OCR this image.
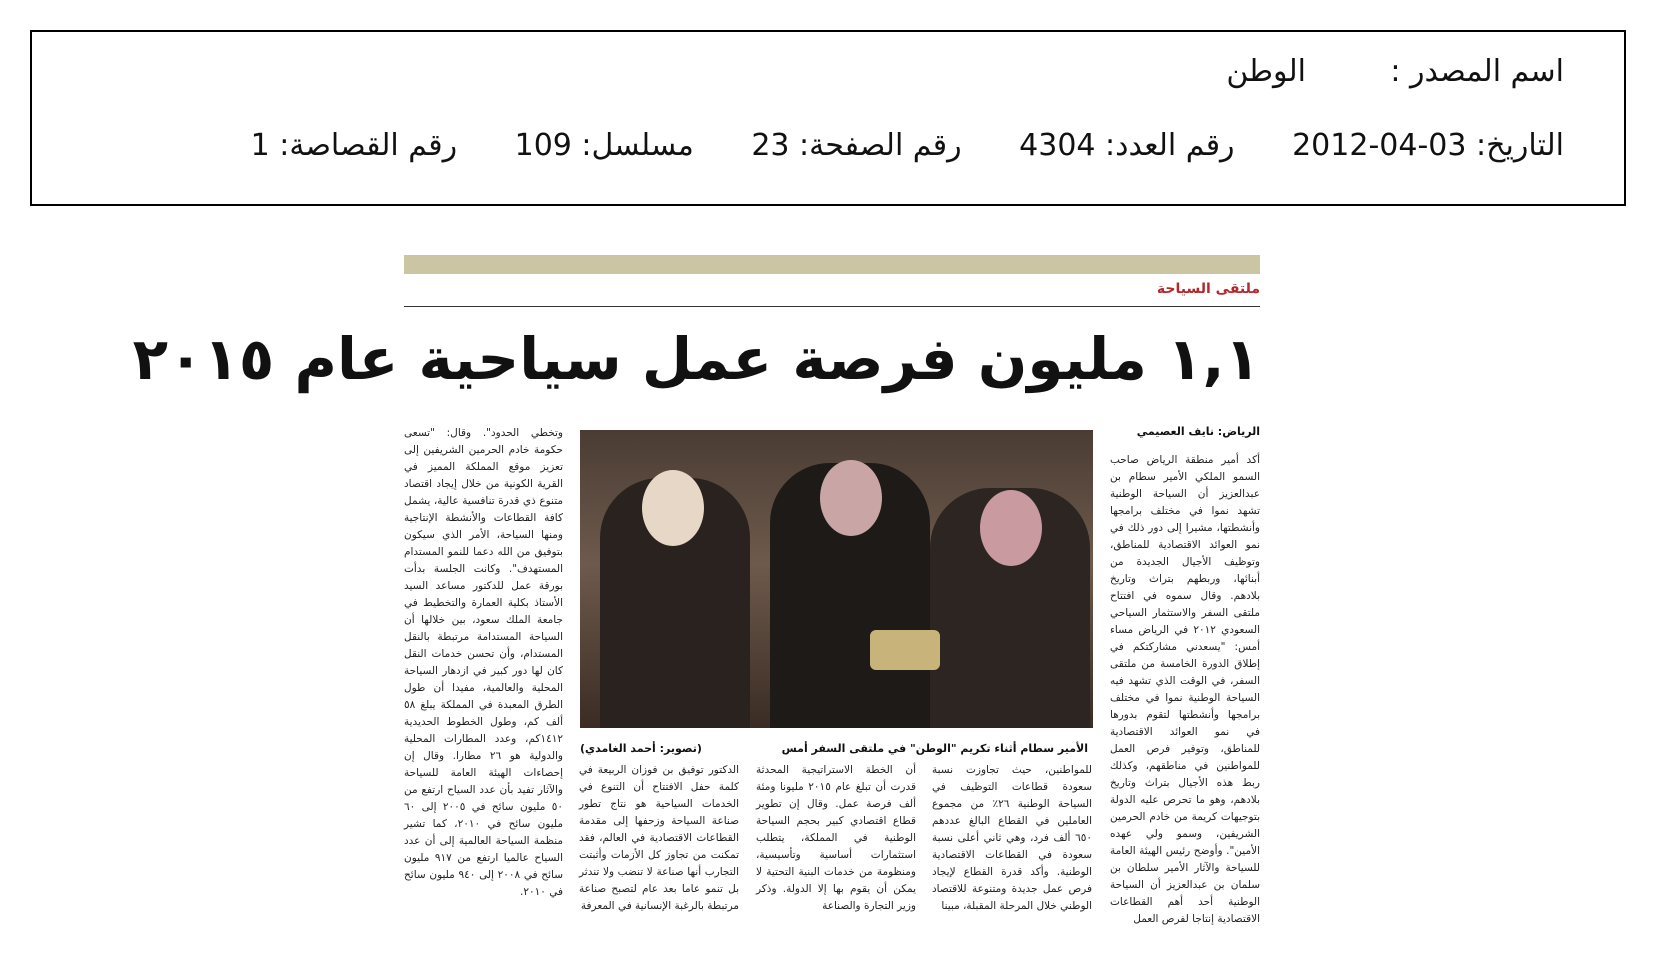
اسم المصدر :الوطن
التاريخ: 03-04-2012 رقم العدد: 4304 رقم الصفحة: 23 مسلسل: 109 رقم القصاصة: 1
ملتقى السياحة
١,١ مليون فرصة عمل سياحية عام ٢٠١٥
الرياض: نايف العصيمي

أكد أمير منطقة الرياض صاحب السمو الملكي الأمير سطام بن عبدالعزيز أن السياحة الوطنية تشهد نموا في مختلف برامجها وأنشطتها، مشيرا إلى دور ذلك في نمو العوائد الاقتصادية للمناطق، وتوظيف الأجيال الجديدة من أبنائها، وربطهم بتراث وتاريخ بلادهم. وقال سموه في افتتاح ملتقى السفر والاستثمار السياحي السعودي ٢٠١٢ في الرياض مساء أمس: "يسعدني مشاركتكم في إطلاق الدورة الخامسة من ملتقى السفر، في الوقت الذي تشهد فيه السياحة الوطنية نموا في مختلف برامجها وأنشطتها لتقوم بدورها في نمو العوائد الاقتصادية للمناطق، وتوفير فرص العمل للمواطنين في مناطقهم، وكذلك ربط هذه الأجيال بتراث وتاريخ بلادهم، وهو ما تحرص عليه الدولة بتوجيهات كريمة من خادم الحرمين الشريفين، وسمو ولي عهده الأمين". وأوضح رئيس الهيئة العامة للسياحة والآثار الأمير سلطان بن سلمان بن عبدالعزيز أن السياحة الوطنية أحد أهم القطاعات الاقتصادية إنتاجا لفرص العمل

للمواطنين، حيث تجاوزت نسبة سعودة قطاعات التوظيف في السياحة الوطنية ٢٦٪ من مجموع العاملين في القطاع البالغ عددهم ٦٥٠ ألف فرد، وهي ثاني أعلى نسبة سعودة في القطاعات الاقتصادية الوطنية. وأكد قدرة القطاع لإيجاد فرص عمل جديدة ومتنوعة للاقتصاد الوطني خلال المرحلة المقبلة، مبينا

أن الخطة الاستراتيجية المحدثة قدرت أن تبلغ عام ٢٠١٥ مليونا ومئة ألف فرصة عمل. وقال إن تطوير قطاع اقتصادي كبير بحجم السياحة الوطنية في المملكة، يتطلب استثمارات أساسية وتأسيسية، ومنظومة من خدمات البنية التحتية لا يمكن أن يقوم بها إلا الدولة. وذكر وزير التجارة والصناعة

الدكتور توفيق بن فوزان الربيعة في كلمة حفل الافتتاح أن التنوع في الخدمات السياحية هو نتاج تطور صناعة السياحة وزحفها إلى مقدمة القطاعات الاقتصادية في العالم، فقد تمكنت من تجاوز كل الأزمات وأثبتت التجارب أنها صناعة لا تنضب ولا تندثر بل تنمو عاما بعد عام لتصبح صناعة مرتبطة بالرغبة الإنسانية في المعرفة

وتخطي الحدود". وقال: "تسعى حكومة خادم الحرمين الشريفين إلى تعزيز موقع المملكة المميز في القرية الكونية من خلال إيجاد اقتصاد متنوع ذي قدرة تنافسية عالية، يشمل كافة القطاعات والأنشطة الإنتاجية ومنها السياحة، الأمر الذي سيكون بتوفيق من الله دعما للنمو المستدام المستهدف". وكانت الجلسة بدأت بورقة عمل للدكتور مساعد السيد الأستاذ بكلية العمارة والتخطيط في جامعة الملك سعود، بين خلالها أن السياحة المستدامة مرتبطة بالنقل المستدام، وأن تحسن خدمات النقل كان لها دور كبير في ازدهار السياحة المحلية والعالمية، مفيدا أن طول الطرق المعبدة في المملكة يبلغ ٥٨ ألف كم، وطول الخطوط الحديدية ١٤١٢كم، وعدد المطارات المحلية والدولية هو ٢٦ مطارا. وقال إن إحصاءات الهيئة العامة للسياحة والآثار تفيد بأن عدد السياح ارتفع من ٥٠ مليون سائح في ٢٠٠٥ إلى ٦٠ مليون سائح في ٢٠١٠، كما تشير منظمة السياحة العالمية إلى أن عدد السياح عالميا ارتفع من ٩١٧ مليون سائح في ٢٠٠٨ إلى ٩٤٠ مليون سائح في ٢٠١٠.

الأمير سطام أثناء تكريم "الوطن" في ملتقى السفر أمس
(تصوير: أحمد الغامدي)
